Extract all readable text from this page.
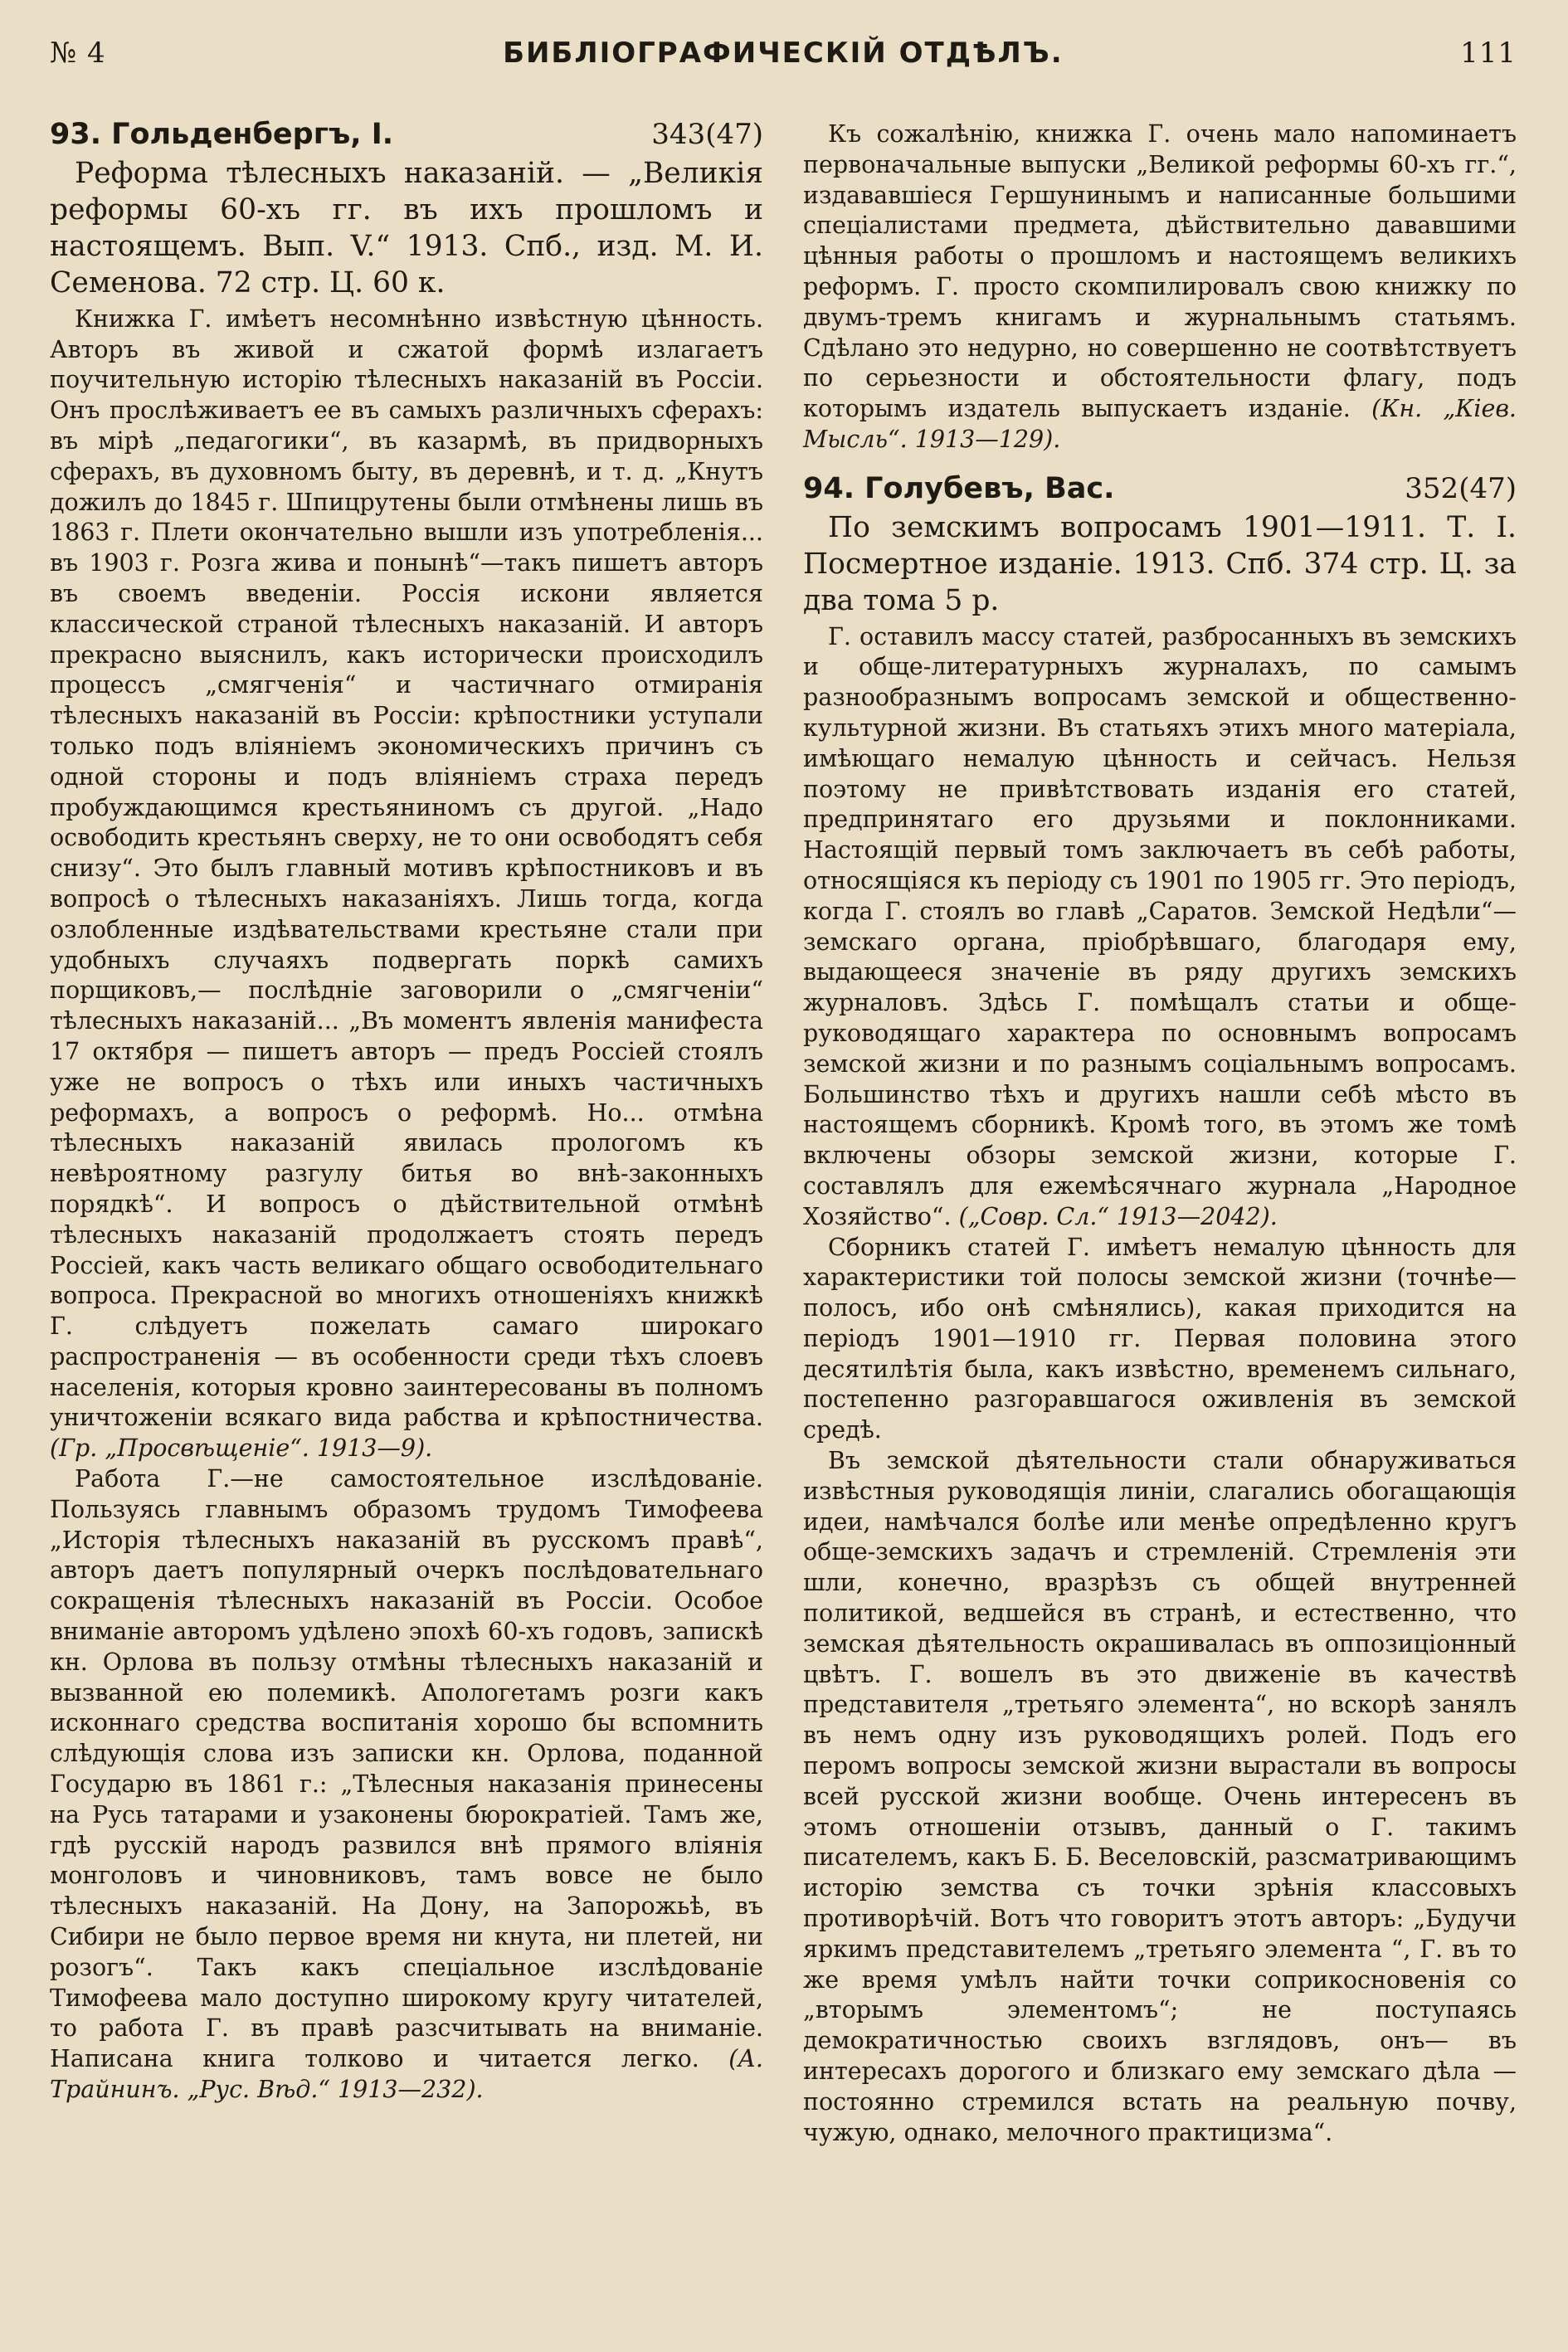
№ 4	БИБЛІОГРАФИЧЕСКІЙ ОТДѢЛЪ.	111
93. Гольденбергъ, І.	343(47)

Реформа тѣлесныхъ наказаній. — „Великія реформы 60-хъ гг. въ ихъ прошломъ и настоящемъ. Вып. V.“ 1913. Спб., изд. М. И. Семенова. 72 стр. Ц. 60 к.

Книжка Г. имѣетъ несомнѣнно извѣстную цѣнность. Авторъ въ живой и сжатой формѣ излагаетъ поучительную исторію тѣлесныхъ наказаній въ Россіи. Онъ прослѣживаетъ ее въ самыхъ различныхъ сферахъ: въ мірѣ „педагогики“, въ казармѣ, въ придворныхъ сферахъ, въ духовномъ быту, въ деревнѣ, и т. д. „Кнутъ дожилъ до 1845 г. Шпицрутены были отмѣнены лишь въ 1863 г. Плети окончательно вышли изъ употребленія... въ 1903 г. Розга жива и понынѣ“—такъ пишетъ авторъ въ своемъ введеніи. Россія искони является классической страной тѣлесныхъ наказаній. И авторъ прекрасно выяснилъ, какъ исторически происходилъ процессъ „смягченія“ и частичнаго отмиранія тѣлесныхъ наказаній въ Россіи: крѣпостники уступали только подъ вліяніемъ экономическихъ причинъ съ одной стороны и подъ вліяніемъ страха передъ пробуждающимся крестьяниномъ съ другой. „Надо освободить крестьянъ сверху, не то они освободятъ себя снизу“. Это былъ главный мотивъ крѣпостниковъ и въ вопросѣ о тѣлесныхъ наказаніяхъ. Лишь тогда, когда озлобленные издѣвательствами крестьяне стали при удобныхъ случаяхъ подвергать поркѣ самихъ порщиковъ,— послѣдніе заговорили о „смягченіи“ тѣлесныхъ наказаній... „Въ моментъ явленія манифеста 17 октября — пишетъ авторъ — предъ Россіей стоялъ уже не вопросъ о тѣхъ или иныхъ частичныхъ реформахъ, а вопросъ о реформѣ. Но... отмѣна тѣлесныхъ наказаній явилась прологомъ къ невѣроятному разгулу битья во внѣ-законныхъ порядкѣ“. И вопросъ о дѣйствительной отмѣнѣ тѣлесныхъ наказаній продолжаетъ стоять передъ Россіей, какъ часть великаго общаго освободительнаго вопроса. Прекрасной во многихъ отношеніяхъ книжкѣ Г. слѣдуетъ пожелать самаго широкаго распространенія — въ особенности среди тѣхъ слоевъ населенія, которыя кровно заинтересованы въ полномъ уничтоженіи всякаго вида рабства и крѣпостничества. (Гр. „Просвѣщеніе“. 1913—9).

Работа Г.—не самостоятельное изслѣдованіе. Пользуясь главнымъ образомъ трудомъ Тимофеева „Исторія тѣлесныхъ наказаній въ русскомъ правѣ“, авторъ даетъ популярный очеркъ послѣдовательнаго сокращенія тѣлесныхъ наказаній въ Россіи. Особое вниманіе авторомъ удѣлено эпохѣ 60-хъ годовъ, запискѣ кн. Орлова въ пользу отмѣны тѣлесныхъ наказаній и вызванной ею полемикѣ. Апологетамъ розги какъ исконнаго средства воспитанія хорошо бы вспомнить слѣдующія слова изъ записки кн. Орлова, поданной Государю въ 1861 г.: „Тѣлесныя наказанія принесены на Русь татарами и узаконены бюрократіей. Тамъ же, гдѣ русскій народъ развился внѣ прямого вліянія монголовъ и чиновниковъ, тамъ вовсе не было тѣлесныхъ наказаній. На Дону, на Запорожьѣ, въ Сибири не было первое время ни кнута, ни плетей, ни розогъ“. Такъ какъ спеціальное изслѣдованіе Тимофеева мало доступно широкому кругу читателей, то работа Г. въ правѣ разсчитывать на вниманіе. Написана книга толково и читается легко. (А. Трайнинъ. „Рус. Вѣд.“ 1913—232).

Къ сожалѣнію, книжка Г. очень мало напоминаетъ первоначальные выпуски „Великой реформы 60-хъ гг.“, издававшіеся Гершунинымъ и написанные большими спеціалистами предмета, дѣйствительно дававшими цѣнныя работы о прошломъ и настоящемъ великихъ реформъ. Г. просто скомпилировалъ свою книжку по двумъ-тремъ книгамъ и журнальнымъ статьямъ. Сдѣлано это недурно, но совершенно не соотвѣтствуетъ по серьезности и обстоятельности флагу, подъ которымъ издатель выпускаетъ изданіе. (Кн. „Кіев. Мысль“. 1913—129).

94. Голубевъ, Вас.	352(47)

По земскимъ вопросамъ 1901—1911. Т. I. Посмертное изданіе. 1913. Спб. 374 стр. Ц. за два тома 5 р.

Г. оставилъ массу статей, разбросанныхъ въ земскихъ и обще-литературныхъ журналахъ, по самымъ разнообразнымъ вопросамъ земской и общественно-культурной жизни. Въ статьяхъ этихъ много матеріала, имѣющаго немалую цѣнность и сейчасъ. Нельзя поэтому не привѣтствовать изданія его статей, предпринятаго его друзьями и поклонниками. Настоящій первый томъ заключаетъ въ себѣ работы, относящіяся къ періоду съ 1901 по 1905 гг. Это періодъ, когда Г. стоялъ во главѣ „Саратов. Земской Недѣли“—земскаго органа, пріобрѣвшаго, благодаря ему, выдающееся значеніе въ ряду другихъ земскихъ журналовъ. Здѣсь Г. помѣщалъ статьи и обще-руководящаго характера по основнымъ вопросамъ земской жизни и по разнымъ соціальнымъ вопросамъ. Большинство тѣхъ и другихъ нашли себѣ мѣсто въ настоящемъ сборникѣ. Кромѣ того, въ этомъ же томѣ включены обзоры земской жизни, которые Г. составлялъ для ежемѣсячнаго журнала „Народное Хозяйство“. („Совр. Сл.“ 1913—2042).

Сборникъ статей Г. имѣетъ немалую цѣнность для характеристики той полосы земской жизни (точнѣе—полосъ, ибо онѣ смѣнялись), какая приходится на періодъ 1901—1910 гг. Первая половина этого десятилѣтія была, какъ извѣстно, временемъ сильнаго, постепенно разгоравшагося оживленія въ земской средѣ.

Въ земской дѣятельности стали обнаруживаться извѣстныя руководящія линіи, слагались обогащающія идеи, намѣчался болѣе или менѣе опредѣленно кругъ обще-земскихъ задачъ и стремленій. Стремленія эти шли, конечно, вразрѣзъ съ общей внутренней политикой, ведшейся въ странѣ, и естественно, что земская дѣятельность окрашивалась въ оппозиціонный цвѣтъ. Г. вошелъ въ это движеніе въ качествѣ представителя „третьяго элемента“, но вскорѣ занялъ въ немъ одну изъ руководящихъ ролей. Подъ его перомъ вопросы земской жизни вырастали въ вопросы всей русской жизни вообще. Очень интересенъ въ этомъ отношеніи отзывъ, данный о Г. такимъ писателемъ, какъ Б. Б. Веселовскій, разсматривающимъ исторію земства съ точки зрѣнія классовыхъ противорѣчій. Вотъ что говоритъ этотъ авторъ: „Будучи яркимъ представителемъ „третьяго элемента “, Г. въ то же время умѣлъ найти точки соприкосновенія со „вторымъ элементомъ“; не поступаясь демократичностью своихъ взглядовъ, онъ— въ интересахъ дорогого и близкаго ему земскаго дѣла — постоянно стремился встать на реальную почву, чужую, однако, мелочного практицизма“.
